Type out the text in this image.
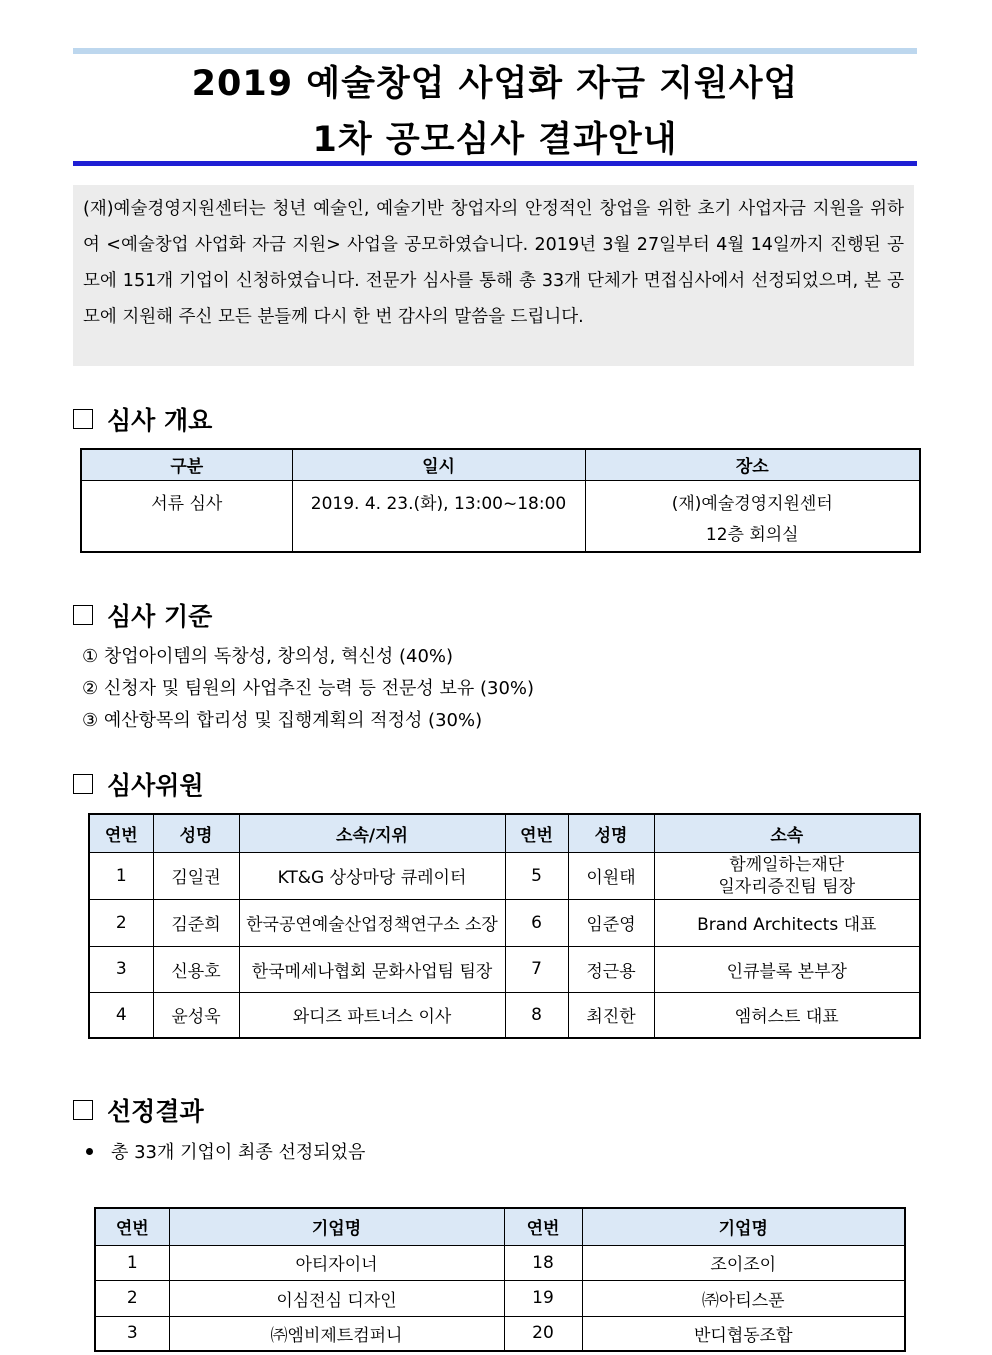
2019 예술창업 사업화 자금 지원사업
1차 공모심사 결과안내
(재)예술경영지원센터는 청년 예술인, 예술기반 창업자의 안정적인 창업을 위한 초기 사업자금 지원을 위하여 <예술창업 사업화 자금 지원> 사업을 공모하였습니다. 2019년 3월 27일부터 4월 14일까지 진행된 공모에 151개 기업이 신청하였습니다. 전문가 심사를 통해 총 33개 단체가 면접심사에서 선정되었으며, 본 공모에 지원해 주신 모든 분들께 다시 한 번 감사의 말씀을 드립니다.
심사 개요
구분	일시	장소
서류 심사	2019. 4. 23.(화), 13:00~18:00	(재)예술경영지원센터
12층 회의실
심사 기준
① 창업아이템의 독창성, 창의성, 혁신성 (40%)
② 신청자 및 팀원의 사업추진 능력 등 전문성 보유 (30%)
③ 예산항목의 합리성 및 집행계획의 적정성 (30%)
심사위원
연번	성명	소속/지위	연번	성명	소속
1	김일권	KT&G 상상마당 큐레이터	5	이원태	함께일하는재단
일자리증진팀 팀장

2	김준희	한국공연예술산업정책연구소 소장	6	임준영	Brand Architects 대표
3	신용호	한국메세나협회 문화사업팀 팀장	7	정근용	인큐블록 본부장
4	윤성욱	와디즈 파트너스 이사	8	최진한	엠허스트 대표
선정결과
총 33개 기업이 최종 선정되었음
연번	기업명	연번	기업명
1	아티자이너	18	조이조이
2	이심전심 디자인	19	㈜아티스푼
3	㈜엠비제트컴퍼니	20	반디협동조합
